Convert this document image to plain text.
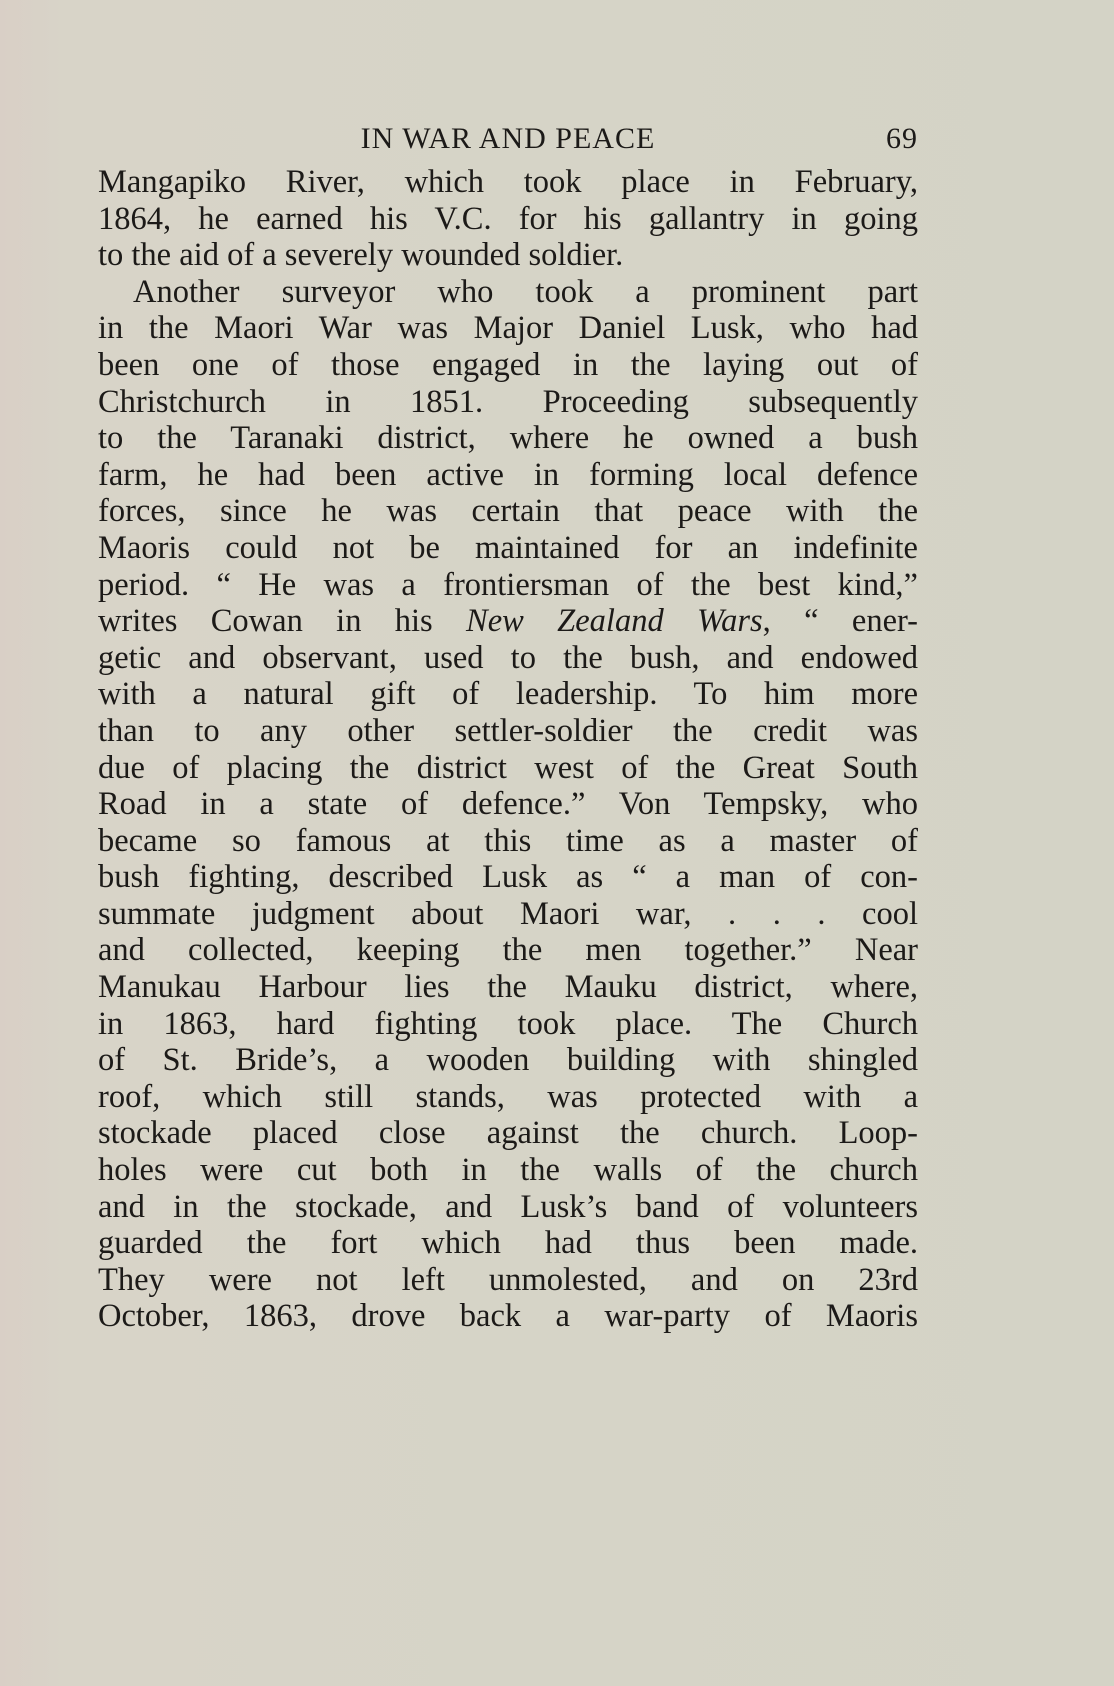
IN WAR AND PEACE	69
Mangapiko River, which took place in February,
1864, he earned his V.C. for his gallantry in going
to the aid of a severely wounded soldier.
Another surveyor who took a prominent part
in the Maori War was Major Daniel Lusk, who had
been one of those engaged in the laying out of
Christchurch in 1851. Proceeding subsequently
to the Taranaki district, where he owned a bush
farm, he had been active in forming local defence
forces, since he was certain that peace with the
Maoris could not be maintained for an indefinite
period. “ He was a frontiersman of the best kind,”
writes Cowan in his New Zealand Wars, “ ener-
getic and observant, used to the bush, and endowed
with a natural gift of leadership. To him more
than to any other settler-soldier the credit was
due of placing the district west of the Great South
Road in a state of defence.” Von Tempsky, who
became so famous at this time as a master of
bush fighting, described Lusk as “ a man of con-
summate judgment about Maori war, . . . cool
and collected, keeping the men together.” Near
Manukau Harbour lies the Mauku district, where,
in 1863, hard fighting took place. The Church
of St. Bride’s, a wooden building with shingled
roof, which still stands, was protected with a
stockade placed close against the church. Loop-
holes were cut both in the walls of the church
and in the stockade, and Lusk’s band of volunteers
guarded the fort which had thus been made.
They were not left unmolested, and on 23rd
October, 1863, drove back a war-party of Maoris
